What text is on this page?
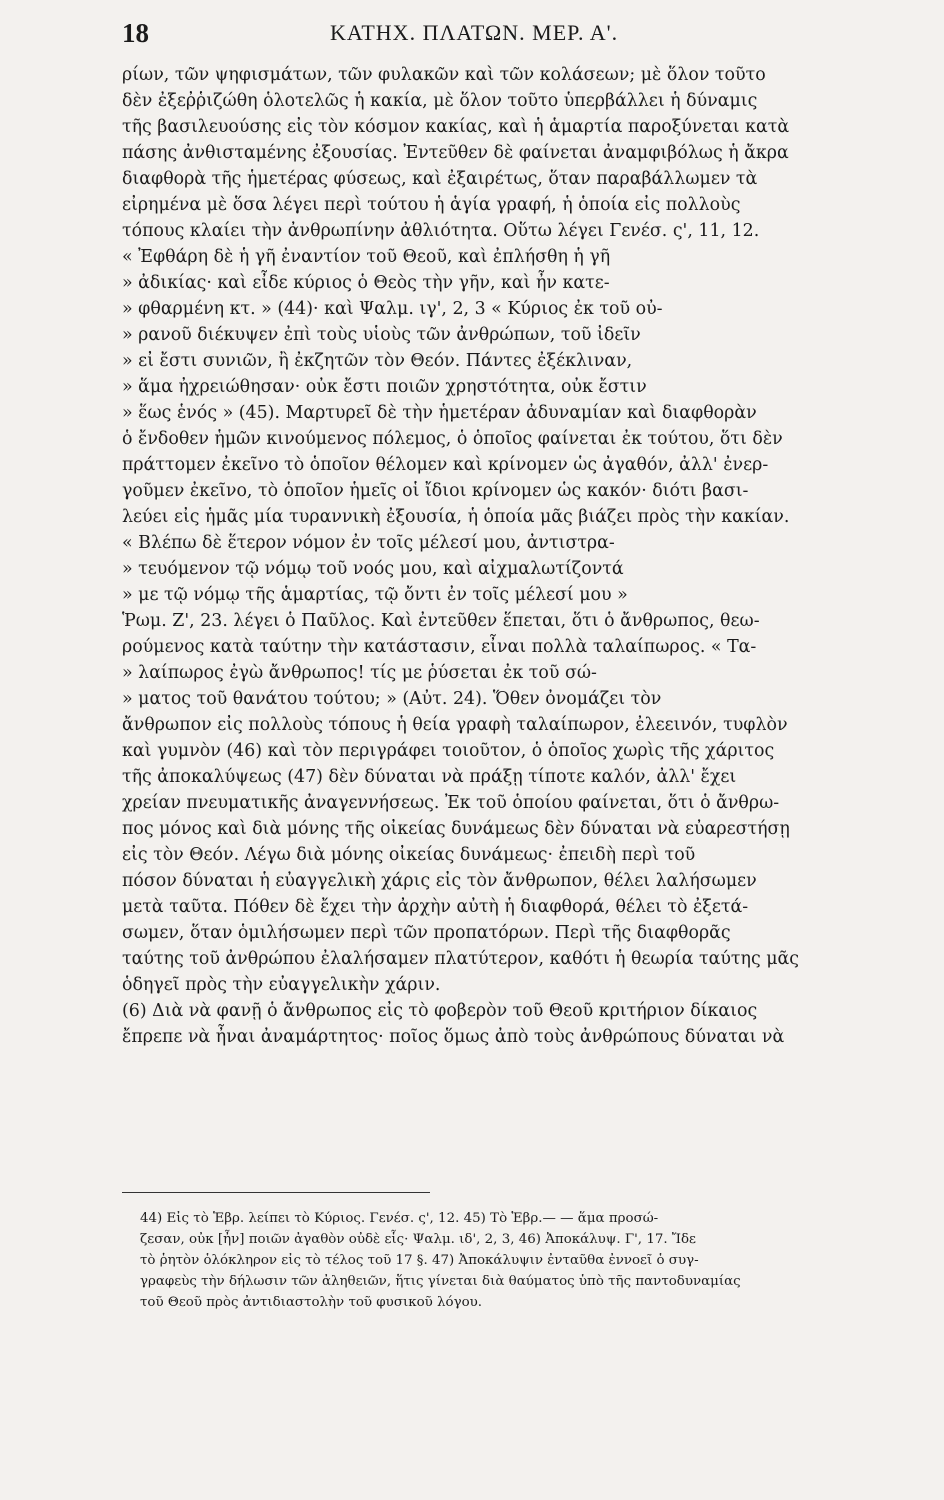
18	ΚΑΤΗΧ. ΠΛΑΤΩΝ. ΜΕΡ. Α'.
ρίων, τῶν ψηφισμάτων, τῶν φυλακῶν καὶ τῶν κολάσεων; μὲ ὅλον τοῦτο
δὲν ἐξεῤῥιζώθη ὁλοτελῶς ἡ κακία, μὲ ὅλον τοῦτο ὑπερβάλλει ἡ δύναμις
τῆς βασιλευούσης εἰς τὸν κόσμον κακίας, καὶ ἡ ἁμαρτία παροξύνεται κατὰ
πάσης ἀνθισταμένης ἐξουσίας. Ἐντεῦθεν δὲ φαίνεται ἀναμφιβόλως ἡ ἄκρα
διαφθορὰ τῆς ἡμετέρας φύσεως, καὶ ἐξαιρέτως, ὅταν παραβάλλωμεν τὰ
εἰρημένα μὲ ὅσα λέγει περὶ τούτου ἡ ἁγία γραφή, ἡ ὁποία εἰς πολλοὺς
τόπους κλαίει τὴν ἀνθρωπίνην ἀθλιότητα. Οὕτω λέγει Γενέσ. ς', 11, 12.
« Ἐφθάρη δὲ ἡ γῆ ἐναντίον τοῦ Θεοῦ, καὶ ἐπλήσθη ἡ γῆ
» ἀδικίας· καὶ εἶδε κύριος ὁ Θεὸς τὴν γῆν, καὶ ἦν κατε-
» φθαρμένη κτ. » (44)· καὶ Ψαλμ. ιγ', 2, 3 « Κύριος ἐκ τοῦ οὐ-
» ρανοῦ διέκυψεν ἐπὶ τοὺς υἱοὺς τῶν ἀνθρώπων, τοῦ ἰδεῖν
» εἰ ἔστι συνιῶν, ἢ ἐκζητῶν τὸν Θεόν. Πάντες ἐξέκλιναν,
» ἅμα ἠχρειώθησαν· οὐκ ἔστι ποιῶν χρηστότητα, οὐκ ἔστιν
» ἕως ἑνός » (45). Μαρτυρεῖ δὲ τὴν ἡμετέραν ἀδυναμίαν καὶ διαφθορὰν
ὁ ἔνδοθεν ἡμῶν κινούμενος πόλεμος, ὁ ὁποῖος φαίνεται ἐκ τούτου, ὅτι δὲν
πράττομεν ἐκεῖνο τὸ ὁποῖον θέλομεν καὶ κρίνομεν ὡς ἀγαθόν, ἀλλ' ἐνερ-
γοῦμεν ἐκεῖνο, τὸ ὁποῖον ἡμεῖς οἱ ἴδιοι κρίνομεν ὡς κακόν· διότι βασι-
λεύει εἰς ἡμᾶς μία τυραννικὴ ἐξουσία, ἡ ὁποία μᾶς βιάζει πρὸς τὴν κακίαν.
« Βλέπω δὲ ἕτερον νόμον ἐν τοῖς μέλεσί μου, ἀντιστρα-
» τευόμενον τῷ νόμῳ τοῦ νοός μου, καὶ αἰχμαλωτίζοντά
» με τῷ νόμῳ τῆς ἁμαρτίας, τῷ ὄντι ἐν τοῖς μέλεσί μου »
Ῥωμ. Ζ', 23. λέγει ὁ Παῦλος. Καὶ ἐντεῦθεν ἕπεται, ὅτι ὁ ἄνθρωπος, θεω-
ρούμενος κατὰ ταύτην τὴν κατάστασιν, εἶναι πολλὰ ταλαίπωρος. « Τα-
» λαίπωρος ἐγὼ ἄνθρωπος! τίς με ῥύσεται ἐκ τοῦ σώ-
» ματος τοῦ θανάτου τούτου; » (Αὐτ. 24). Ὅθεν ὀνομάζει τὸν
ἄνθρωπον εἰς πολλοὺς τόπους ἡ θεία γραφὴ ταλαίπωρον, ἐλεεινόν, τυφλὸν
καὶ γυμνὸν (46) καὶ τὸν περιγράφει τοιοῦτον, ὁ ὁποῖος χωρὶς τῆς χάριτος
τῆς ἀποκαλύψεως (47) δὲν δύναται νὰ πράξῃ τίποτε καλόν, ἀλλ' ἔχει
χρείαν πνευματικῆς ἀναγεννήσεως. Ἐκ τοῦ ὁποίου φαίνεται, ὅτι ὁ ἄνθρω-
πος μόνος καὶ διὰ μόνης τῆς οἰκείας δυνάμεως δὲν δύναται νὰ εὐαρεστήσῃ
εἰς τὸν Θεόν. Λέγω διὰ μόνης οἰκείας δυνάμεως· ἐπειδὴ περὶ τοῦ
πόσον δύναται ἡ εὐαγγελικὴ χάρις εἰς τὸν ἄνθρωπον, θέλει λαλήσωμεν
μετὰ ταῦτα. Πόθεν δὲ ἔχει τὴν ἀρχὴν αὐτὴ ἡ διαφθορά, θέλει τὸ ἐξετά-
σωμεν, ὅταν ὁμιλήσωμεν περὶ τῶν προπατόρων. Περὶ τῆς διαφθορᾶς
ταύτης τοῦ ἀνθρώπου ἐλαλήσαμεν πλατύτερον, καθότι ἡ θεωρία ταύτης μᾶς
ὁδηγεῖ πρὸς τὴν εὐαγγελικὴν χάριν.
(6) Διὰ νὰ φανῇ ὁ ἄνθρωπος εἰς τὸ φοβερὸν τοῦ Θεοῦ κριτήριον δίκαιος
ἔπρεπε νὰ ἦναι ἀναμάρτητος· ποῖος ὅμως ἀπὸ τοὺς ἀνθρώπους δύναται νὰ
44) Εἰς τὸ Ἑβρ. λείπει τὸ Κύριος. Γενέσ. ς', 12. 45) Τὸ Ἑβρ.— — ἅμα προσώ-
ζεσαν, οὐκ [ἦν] ποιῶν ἀγαθὸν οὐδὲ εἷς· Ψαλμ. ιδ', 2, 3, 46) Ἀποκάλυψ. Γ', 17. Ἴδε
τὸ ῥητὸν ὁλόκληρον εἰς τὸ τέλος τοῦ 17 §. 47) Ἀποκάλυψιν ἐνταῦθα ἐννοεῖ ὁ συγ-
γραφεὺς τὴν δήλωσιν τῶν ἀληθειῶν, ἥτις γίνεται διὰ θαύματος ὑπὸ τῆς παντοδυναμίας
τοῦ Θεοῦ πρὸς ἀντιδιαστολὴν τοῦ φυσικοῦ λόγου.
